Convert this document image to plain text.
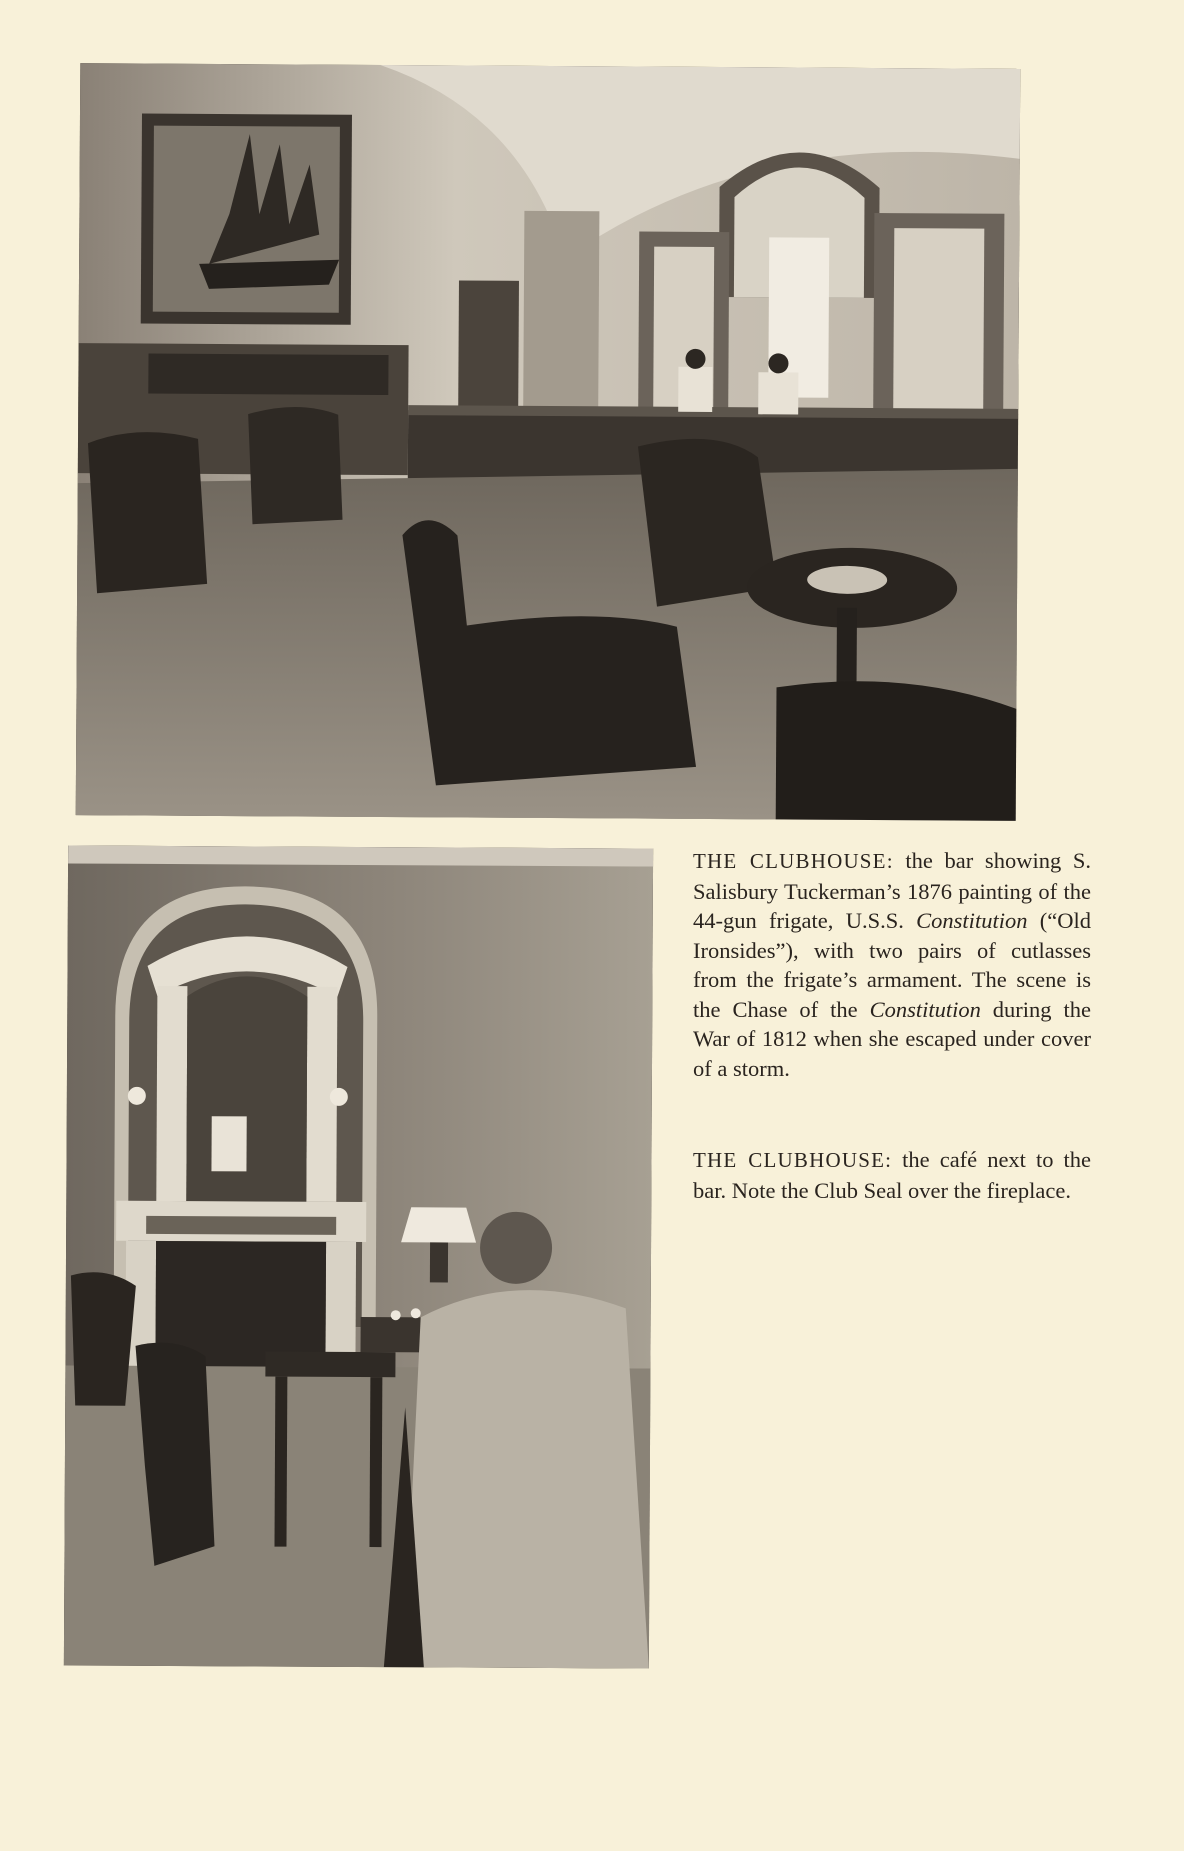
THE CLUBHOUSE: the bar showing S. Salisbury Tuckerman’s 1876 painting of the 44-gun frigate, U.S.S. Constitution (“Old Ironsides”), with two pairs of cutlasses from the frigate’s armament. The scene is the Chase of the Constitution during the War of 1812 when she escaped under cover of a storm.
THE CLUBHOUSE: the café next to the bar. Note the Club Seal over the fireplace.
